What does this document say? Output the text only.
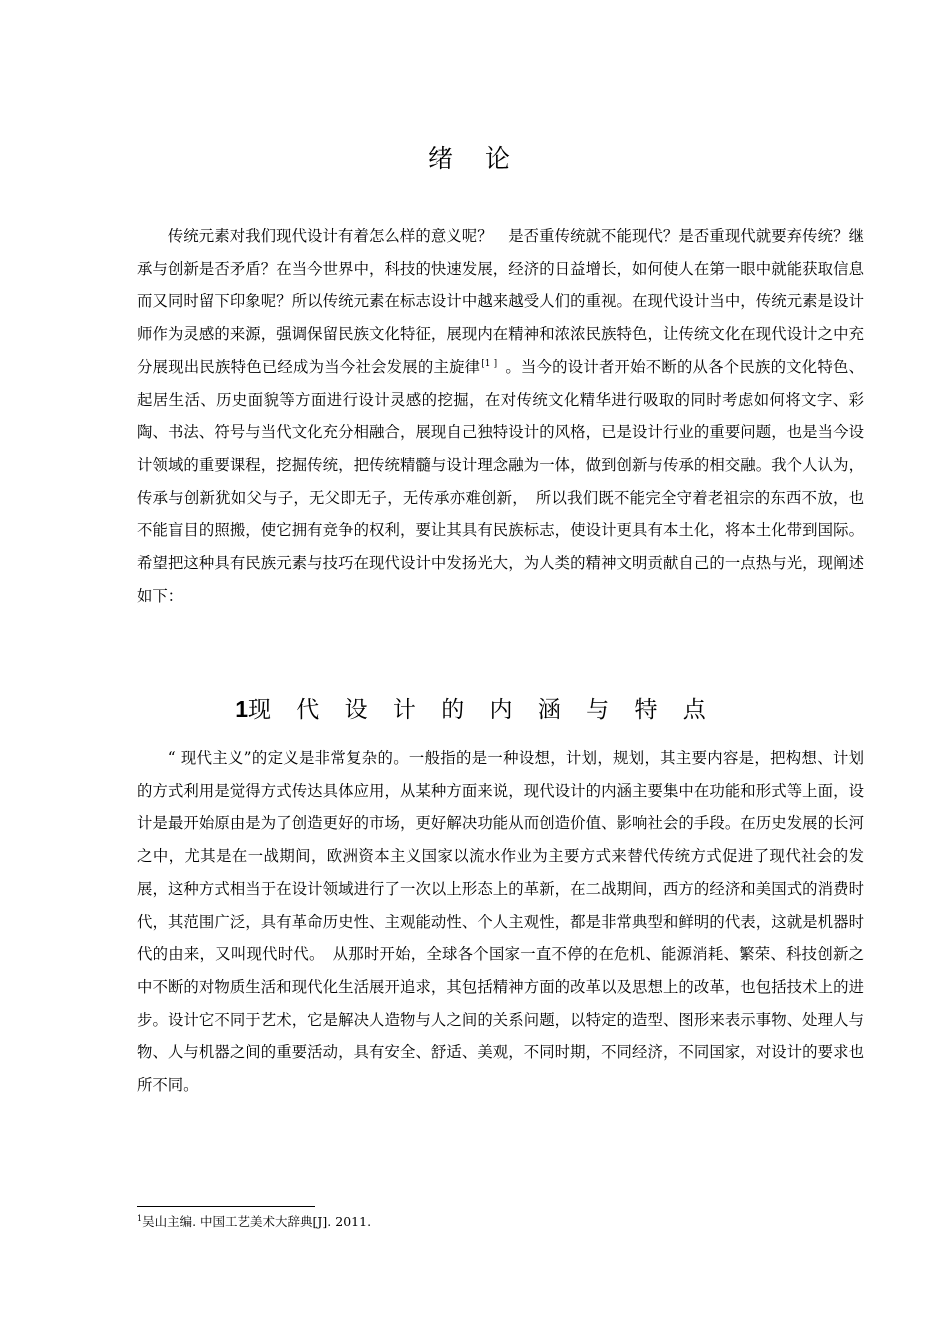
绪 论

传统元素对我们现代设计有着怎么样的意义呢？　是否重传统就不能现代？是否重现代就要弃传统？继承与创新是否矛盾？在当今世界中，科技的快速发展，经济的日益增长，如何使人在第一眼中就能获取信息而又同时留下印象呢？所以传统元素在标志设计中越来越受人们的重视。在现代设计当中，传统元素是设计师作为灵感的来源，强调保留民族文化特征，展现内在精神和浓浓民族特色，让传统文化在现代设计之中充分展现出民族特色已经成为当今社会发展的主旋律[1 ] 。当今的设计者开始不断的从各个民族的文化特色、起居生活、历史面貌等方面进行设计灵感的挖掘，在对传统文化精华进行吸取的同时考虑如何将文字、彩陶、书法、符号与当代文化充分相融合，展现自己独特设计的风格，已是设计行业的重要问题，也是当今设计领域的重要课程，挖掘传统，把传统精髓与设计理念融为一体，做到创新与传承的相交融。我个人认为，传承与创新犹如父与子，无父即无子，无传承亦难创新，　所以我们既不能完全守着老祖宗的东西不放，也不能盲目的照搬，使它拥有竞争的权利，要让其具有民族标志，使设计更具有本土化，将本土化带到国际。希望把这种具有民族元素与技巧在现代设计中发扬光大，为人类的精神文明贡献自己的一点热与光，现阐述如下：

1现 代 设 计 的 内 涵 与 特 点

“ 现代主义”的定义是非常复杂的。一般指的是一种设想，计划，规划，其主要内容是，把构想、计划的方式利用是觉得方式传达具体应用，从某种方面来说，现代设计的内涵主要集中在功能和形式等上面，设计是最开始原由是为了创造更好的市场，更好解决功能从而创造价值、影响社会的手段。在历史发展的长河之中，尤其是在一战期间，欧洲资本主义国家以流水作业为主要方式来替代传统方式促进了现代社会的发展，这种方式相当于在设计领域进行了一次以上形态上的革新，在二战期间，西方的经济和美国式的消费时代，其范围广泛，具有革命历史性、主观能动性、个人主观性，都是非常典型和鲜明的代表，这就是机器时代的由来，又叫现代时代。　从那时开始，全球各个国家一直不停的在危机、能源消耗、繁荣、科技创新之中不断的对物质生活和现代化生活展开追求，其包括精神方面的改革以及思想上的改革，也包括技术上的进步。设计它不同于艺术，它是解决人造物与人之间的关系问题，以特定的造型、图形来表示事物、处理人与物、人与机器之间的重要活动，具有安全、舒适、美观，不同时期，不同经济，不同国家，对设计的要求也所不同。

$^1$吴山主编. 中国工艺美术大辞典[J]. 2011.
